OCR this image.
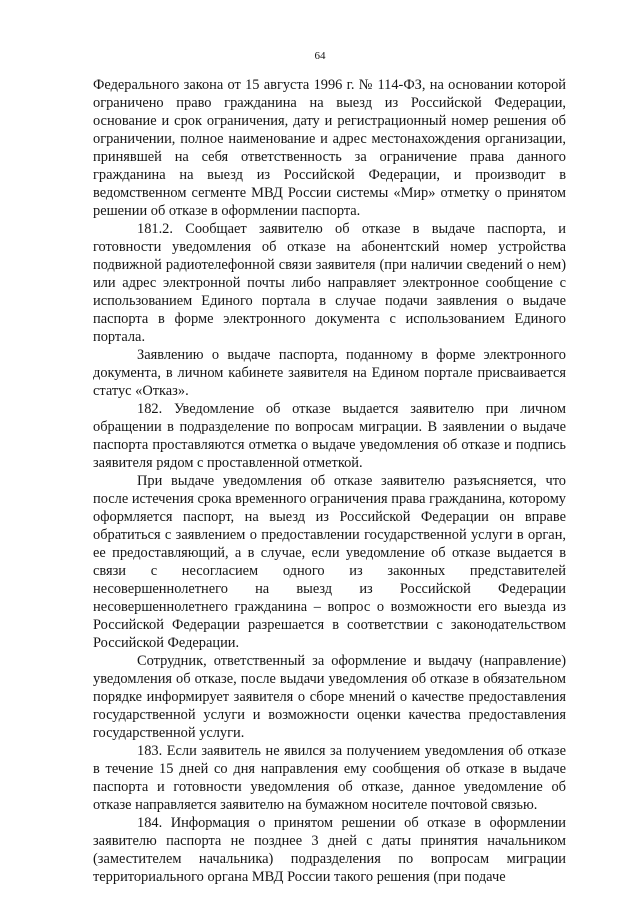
64

Федерального закона от 15 августа 1996 г. № 114-ФЗ, на основании которой ограничено право гражданина на выезд из Российской Федерации, основание и срок ограничения, дату и регистрационный номер решения об ограничении, полное наименование и адрес местонахождения организации, принявшей на себя ответственность за ограничение права данного гражданина на выезд из Российской Федерации, и производит в ведомственном сегменте МВД России системы «Мир» отметку о принятом решении об отказе в оформлении паспорта.

181.2. Сообщает заявителю об отказе в выдаче паспорта, и готовности уведомления об отказе на абонентский номер устройства подвижной радиотелефонной связи заявителя (при наличии сведений о нем) или адрес электронной почты либо направляет электронное сообщение с использованием Единого портала в случае подачи заявления о выдаче паспорта в форме электронного документа с использованием Единого портала.

Заявлению о выдаче паспорта, поданному в форме электронного документа, в личном кабинете заявителя на Едином портале присваивается статус «Отказ».

182. Уведомление об отказе выдается заявителю при личном обращении в подразделение по вопросам миграции. В заявлении о выдаче паспорта проставляются отметка о выдаче уведомления об отказе и подпись заявителя рядом с проставленной отметкой.

При выдаче уведомления об отказе заявителю разъясняется, что после истечения срока временного ограничения права гражданина, которому оформляется паспорт, на выезд из Российской Федерации он вправе обратиться с заявлением о предоставлении государственной услуги в орган, ее предоставляющий, а в случае, если уведомление об отказе выдается в связи с несогласием одного из законных представителей несовершеннолетнего на выезд из Российской Федерации несовершеннолетнего гражданина – вопрос о возможности его выезда из Российской Федерации разрешается в соответствии с законодательством Российской Федерации.

Сотрудник, ответственный за оформление и выдачу (направление) уведомления об отказе, после выдачи уведомления об отказе в обязательном порядке информирует заявителя о сборе мнений о качестве предоставления государственной услуги и возможности оценки качества предоставления государственной услуги.

183. Если заявитель не явился за получением уведомления об отказе в течение 15 дней со дня направления ему сообщения об отказе в выдаче паспорта и готовности уведомления об отказе, данное уведомление об отказе направляется заявителю на бумажном носителе почтовой связью.

184. Информация о принятом решении об отказе в оформлении заявителю паспорта не позднее 3 дней с даты принятия начальником (заместителем начальника) подразделения по вопросам миграции территориального органа МВД России такого решения (при подаче
